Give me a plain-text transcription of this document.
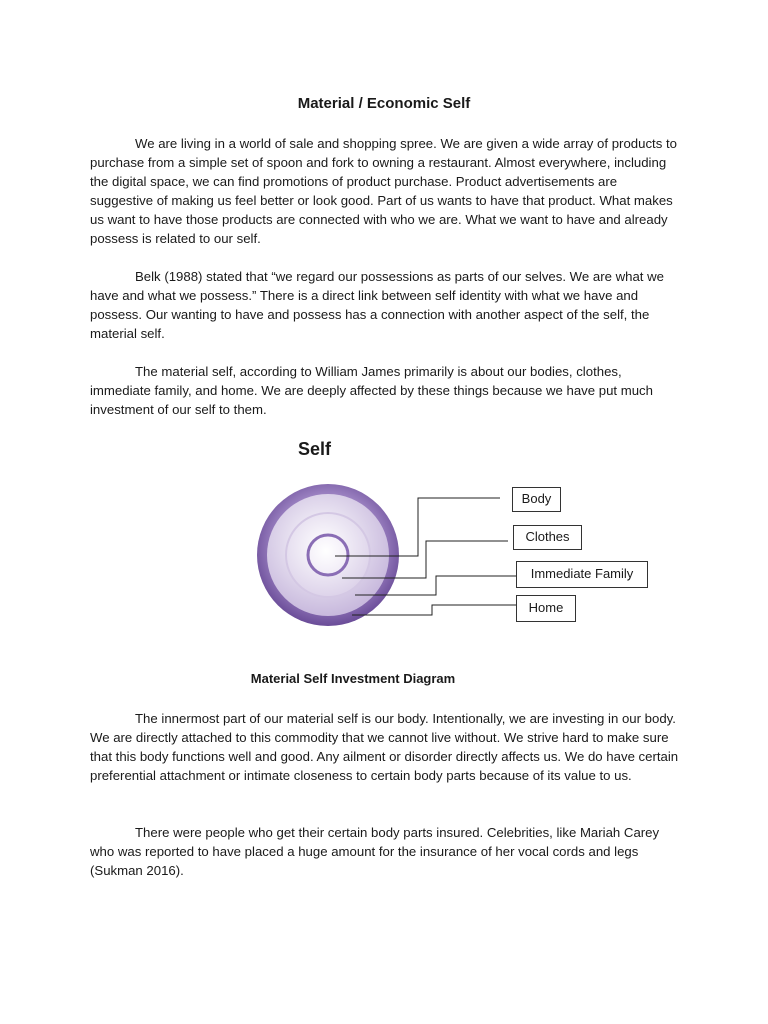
Material / Economic Self

We are living in a world of sale and shopping spree. We are given a wide array of products to purchase from a simple set of spoon and fork to owning a restaurant. Almost everywhere, including the digital space, we can find promotions of product purchase. Product advertisements are suggestive of making us feel better or look good. Part of us wants to have that product. What makes us want to have those products are connected with who we are. What we want to have and already possess is related to our self.

Belk (1988) stated that “we regard our possessions as parts of our selves. We are what we have and what we possess.” There is a direct link between self identity with what we have and possess. Our wanting to have and possess has a connection with another aspect of the self, the material self.

The material self, according to William James primarily is about our bodies, clothes, immediate family, and home. We are deeply affected by these things because we have put much investment of our self to them.

Self
Body
Clothes
Immediate Family
Home
Material Self Investment Diagram

The innermost part of our material self is our body. Intentionally, we are investing in our body. We are directly attached to this commodity that we cannot live without. We strive hard to make sure that this body functions well and good. Any ailment or disorder directly affects us. We do have certain preferential attachment or intimate closeness to certain body parts because of its value to us.

There were people who get their certain body parts insured. Celebrities, like Mariah Carey who was reported to have placed a huge amount for the insurance of her vocal cords and legs (Sukman 2016).
